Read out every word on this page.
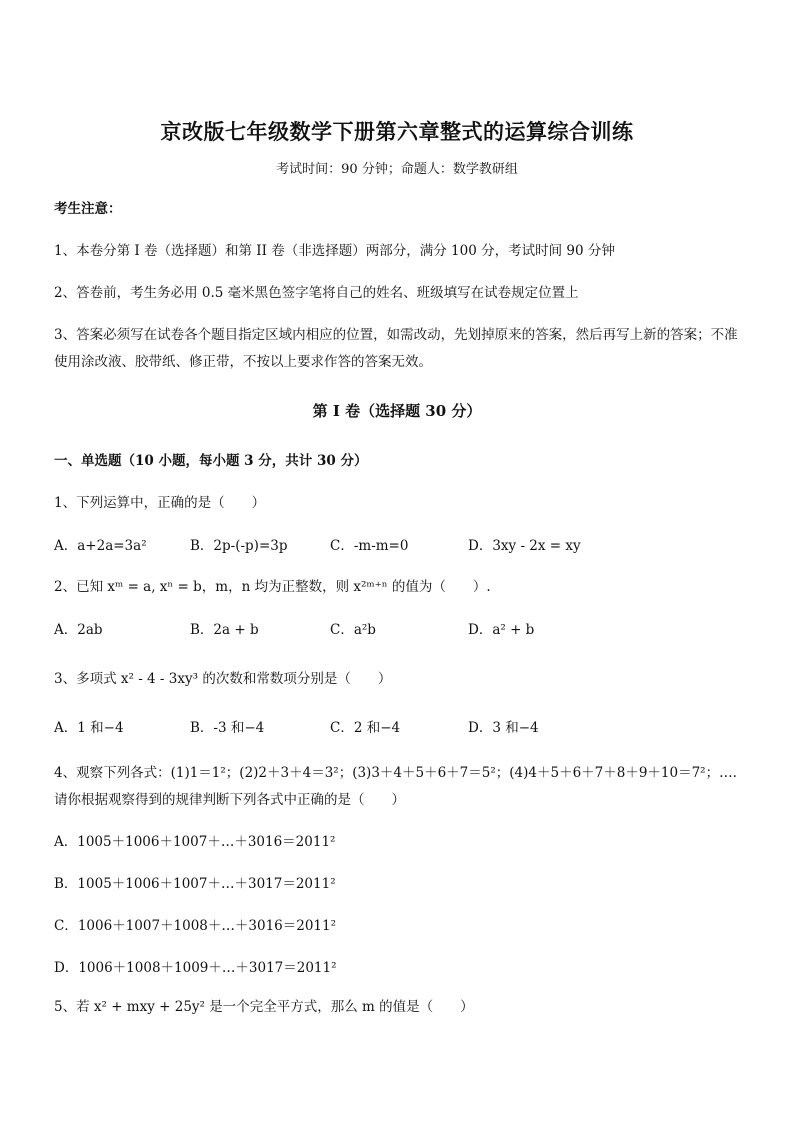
京改版七年级数学下册第六章整式的运算综合训练
考试时间：90 分钟；命题人：数学教研组
考生注意：
1、本卷分第 I 卷（选择题）和第 II 卷（非选择题）两部分，满分 100 分，考试时间 90 分钟
2、答卷前，考生务必用 0.5 毫米黑色签字笔将自己的姓名、班级填写在试卷规定位置上
3、答案必须写在试卷各个题目指定区域内相应的位置，如需改动，先划掉原来的答案，然后再写上新的答案；不准使用涂改液、胶带纸、修正带，不按以上要求作答的答案无效。
第 I 卷（选择题 30 分）
一、单选题（10 小题，每小题 3 分，共计 30 分）
1、下列运算中，正确的是（　　）
A．a+2a=3a²	B．2p-(-p)=3p	C．-m-m=0	D．3xy - 2x = xy
2、已知 xᵐ = a, xⁿ = b，m，n 均为正整数，则 x²ᵐ⁺ⁿ 的值为（　　）.
A．2ab	B．2a + b	C．a²b	D．a² + b
3、多项式 x² - 4 - 3xy³ 的次数和常数项分别是（　　）
A．1 和−4	B．-3 和−4	C．2 和−4	D．3 和−4
4、观察下列各式：(1)1＝1²；(2)2＋3＋4＝3²；(3)3＋4＋5＋6＋7＝5²；(4)4＋5＋6＋7＋8＋9＋10＝7²；…. 请你根据观察得到的规律判断下列各式中正确的是（　　）
A．1005＋1006＋1007＋…＋3016＝2011²
B．1005＋1006＋1007＋…＋3017＝2011²
C．1006＋1007＋1008＋…＋3016＝2011²
D．1006＋1008＋1009＋…＋3017＝2011²
5、若 x² + mxy + 25y² 是一个完全平方式，那么 m 的值是（　　）
